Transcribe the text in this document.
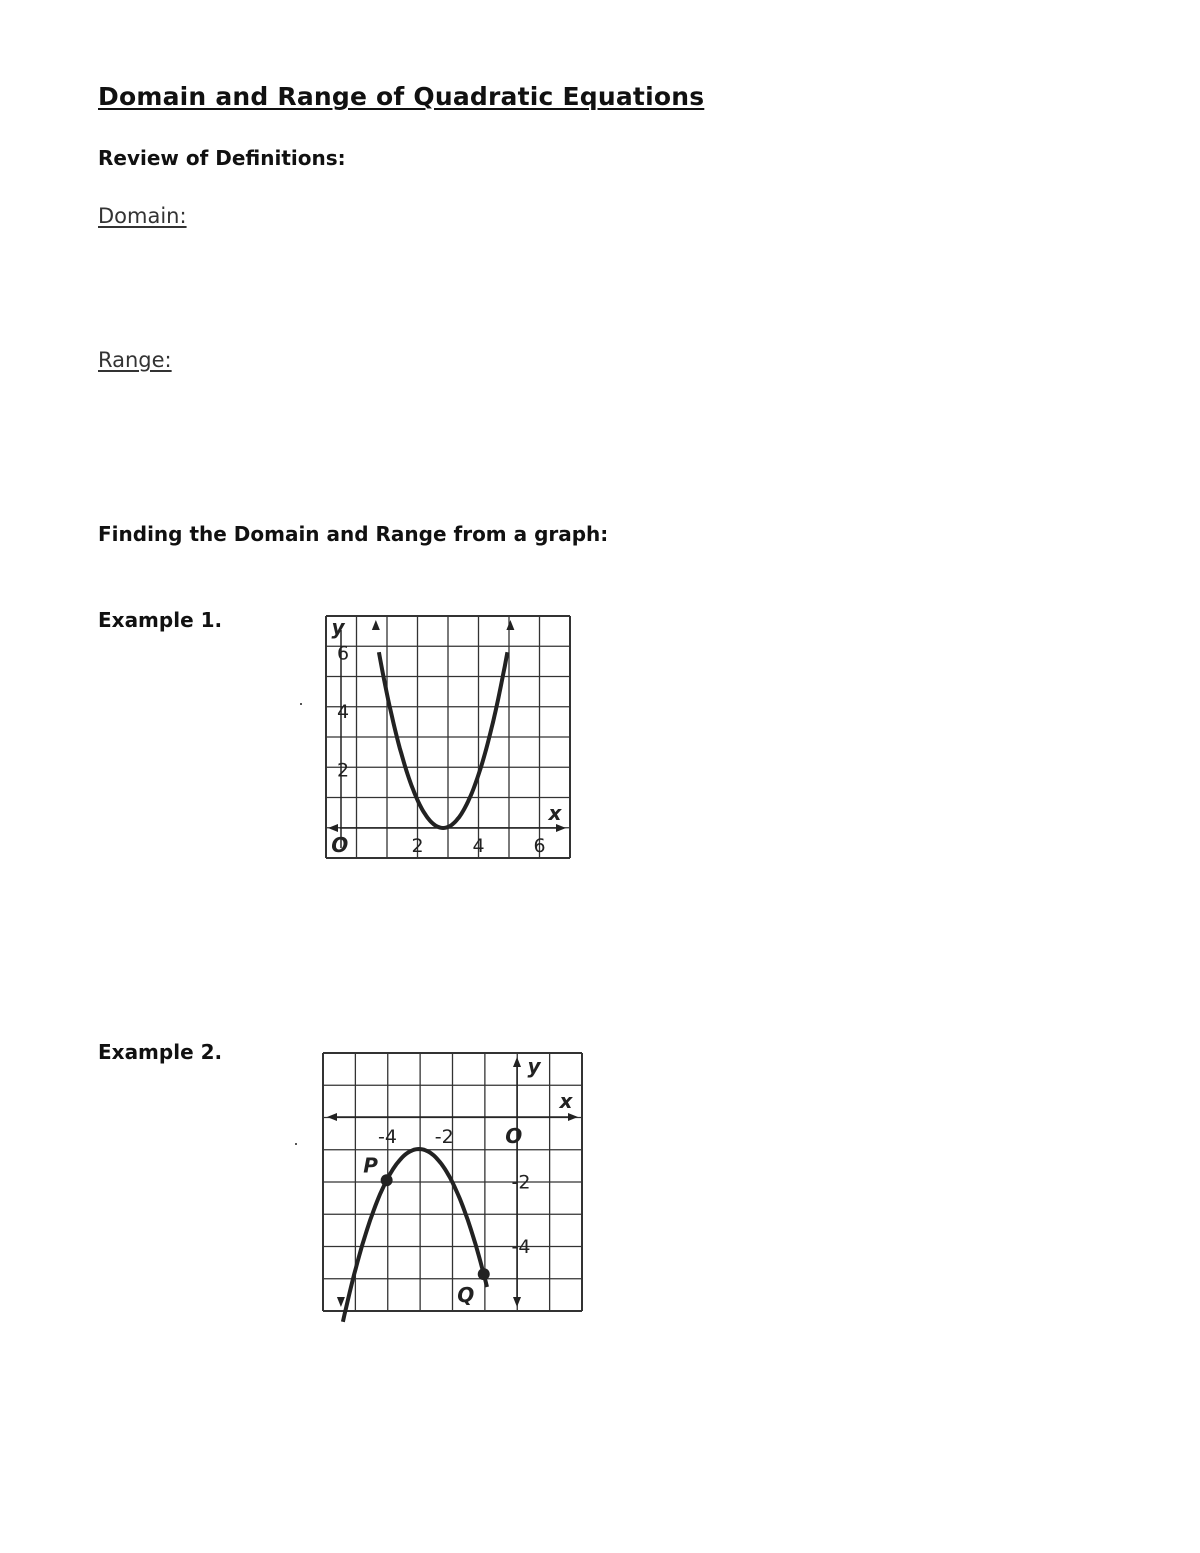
Domain and Range of Quadratic Equations
Review of Definitions:
Domain:
Range:
Finding the Domain and Range from a graph:
Example 1.
x
y
2
4
6
O	2	4	6
Example 2.
y
x
-4 -2	O
-2
-4
P
Q
